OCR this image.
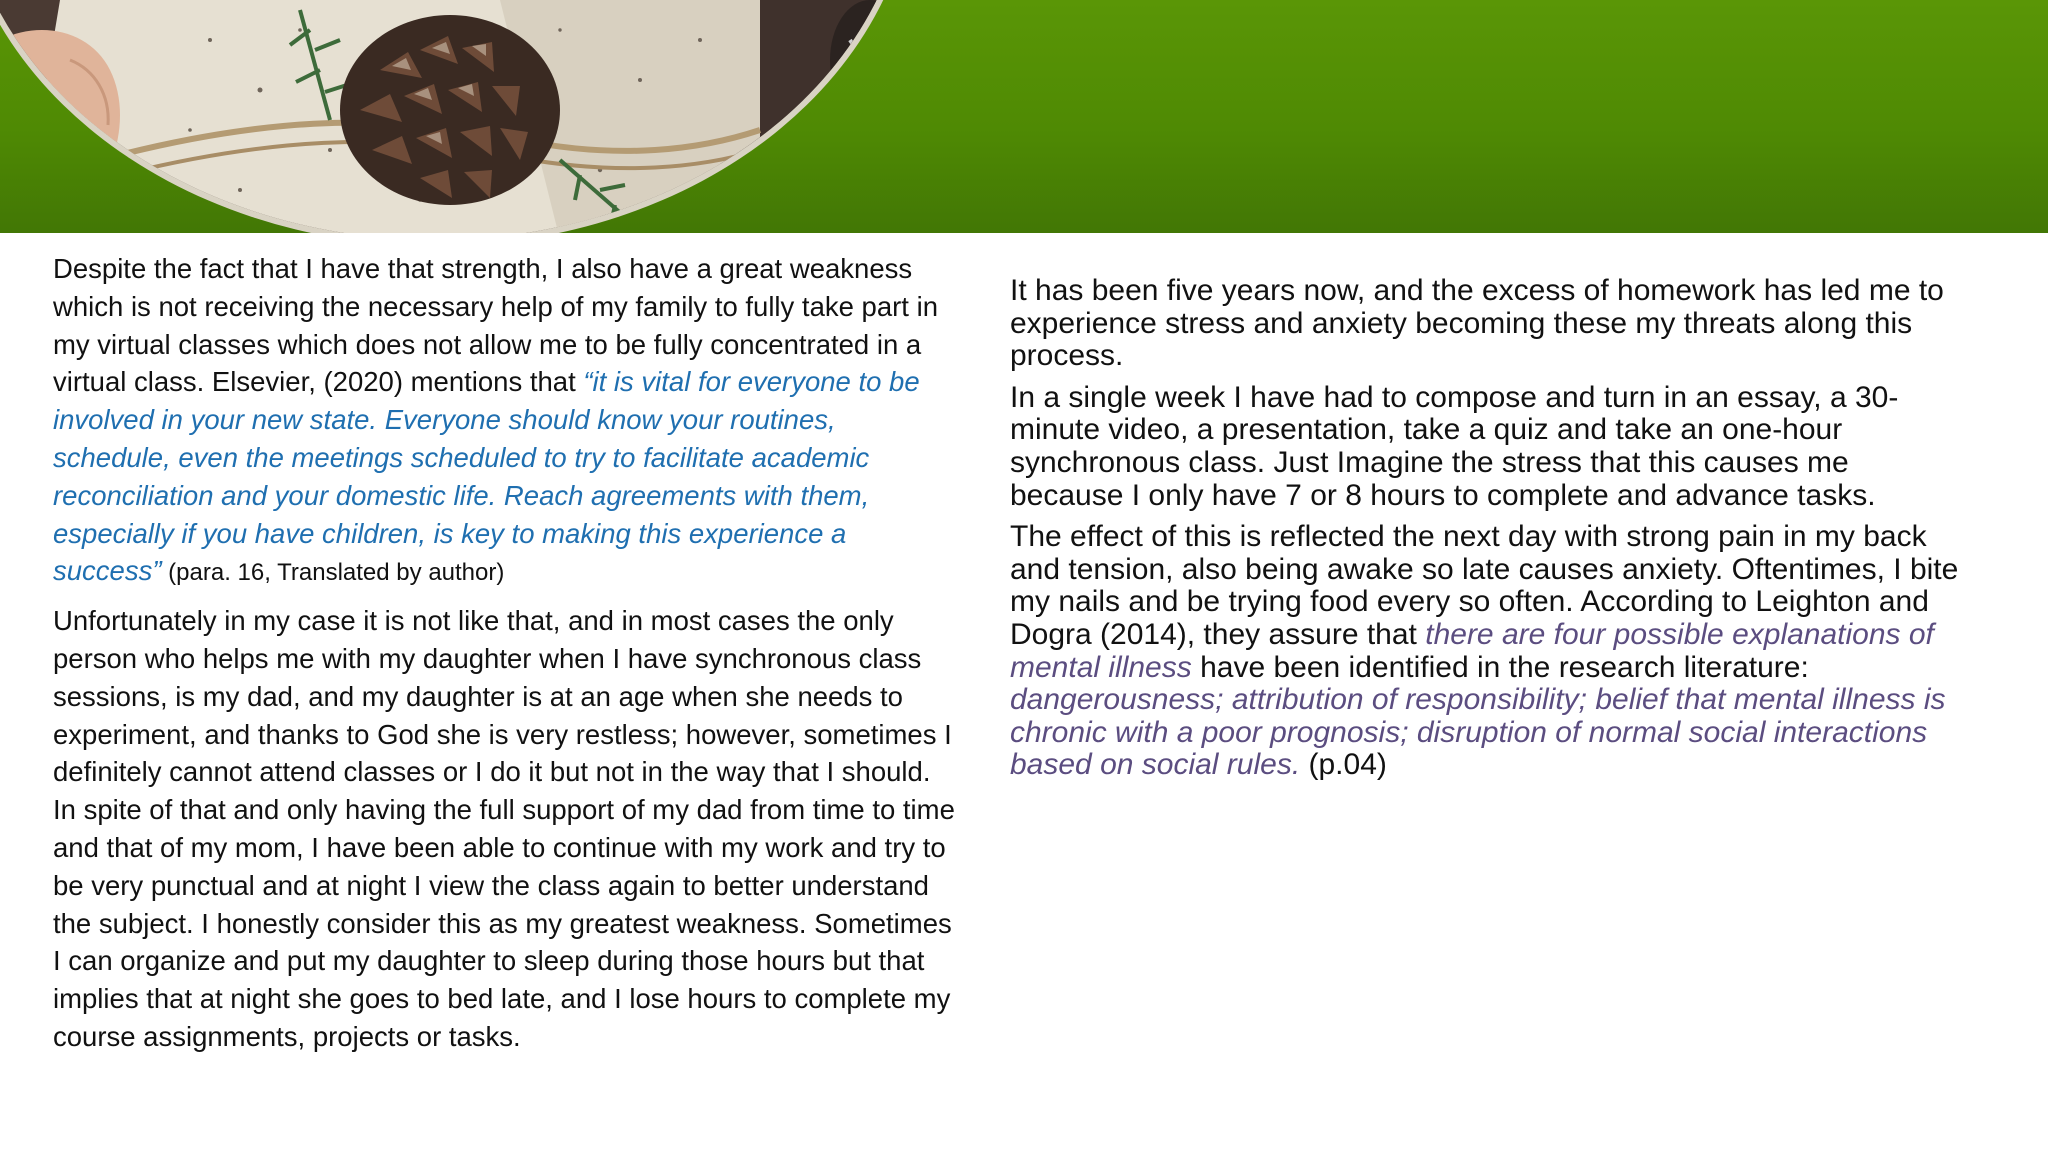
Despite the fact that I have that strength, I also have a great weakness which is not receiving the necessary help of my family to fully take part in my virtual classes which does not allow me to be fully concentrated in a virtual class. Elsevier, (2020) mentions that “it is vital for everyone to be involved in your new state. Everyone should know your routines, schedule, even the meetings scheduled to try to facilitate academic reconciliation and your domestic life. Reach agreements with them, especially if you have children, is key to making this experience a success” (para. 16, Translated by author)

Unfortunately in my case it is not like that, and in most cases the only person who helps me with my daughter when I have synchronous class sessions, is my dad, and my daughter is at an age when she needs to experiment, and thanks to God she is very restless; however, sometimes I definitely cannot attend classes or I do it but not in the way that I should. In spite of that and only having the full support of my dad from time to time and that of my mom, I have been able to continue with my work and try to be very punctual and at night I view the class again to better understand the subject. I honestly consider this as my greatest weakness. Sometimes I can organize and put my daughter to sleep during those hours but that implies that at night she goes to bed late, and I lose hours to complete my course assignments, projects or tasks.

It has been five years now, and the excess of homework has led me to experience stress and anxiety becoming these my threats along this process.

In a single week I have had to compose and turn in an essay, a 30-minute video, a presentation, take a quiz and take an one-hour synchronous class. Just Imagine the stress that this causes me because I only have 7 or 8 hours to complete and advance tasks.

The effect of this is reflected the next day with strong pain in my back and tension, also being awake so late causes anxiety. Oftentimes, I bite my nails and be trying food every so often. According to Leighton and Dogra (2014), they assure that there are four possible explanations of mental illness have been identified in the research literature: dangerousness; attribution of responsibility; belief that mental illness is chronic with a poor prognosis; disruption of normal social interactions based on social rules. (p.04)
